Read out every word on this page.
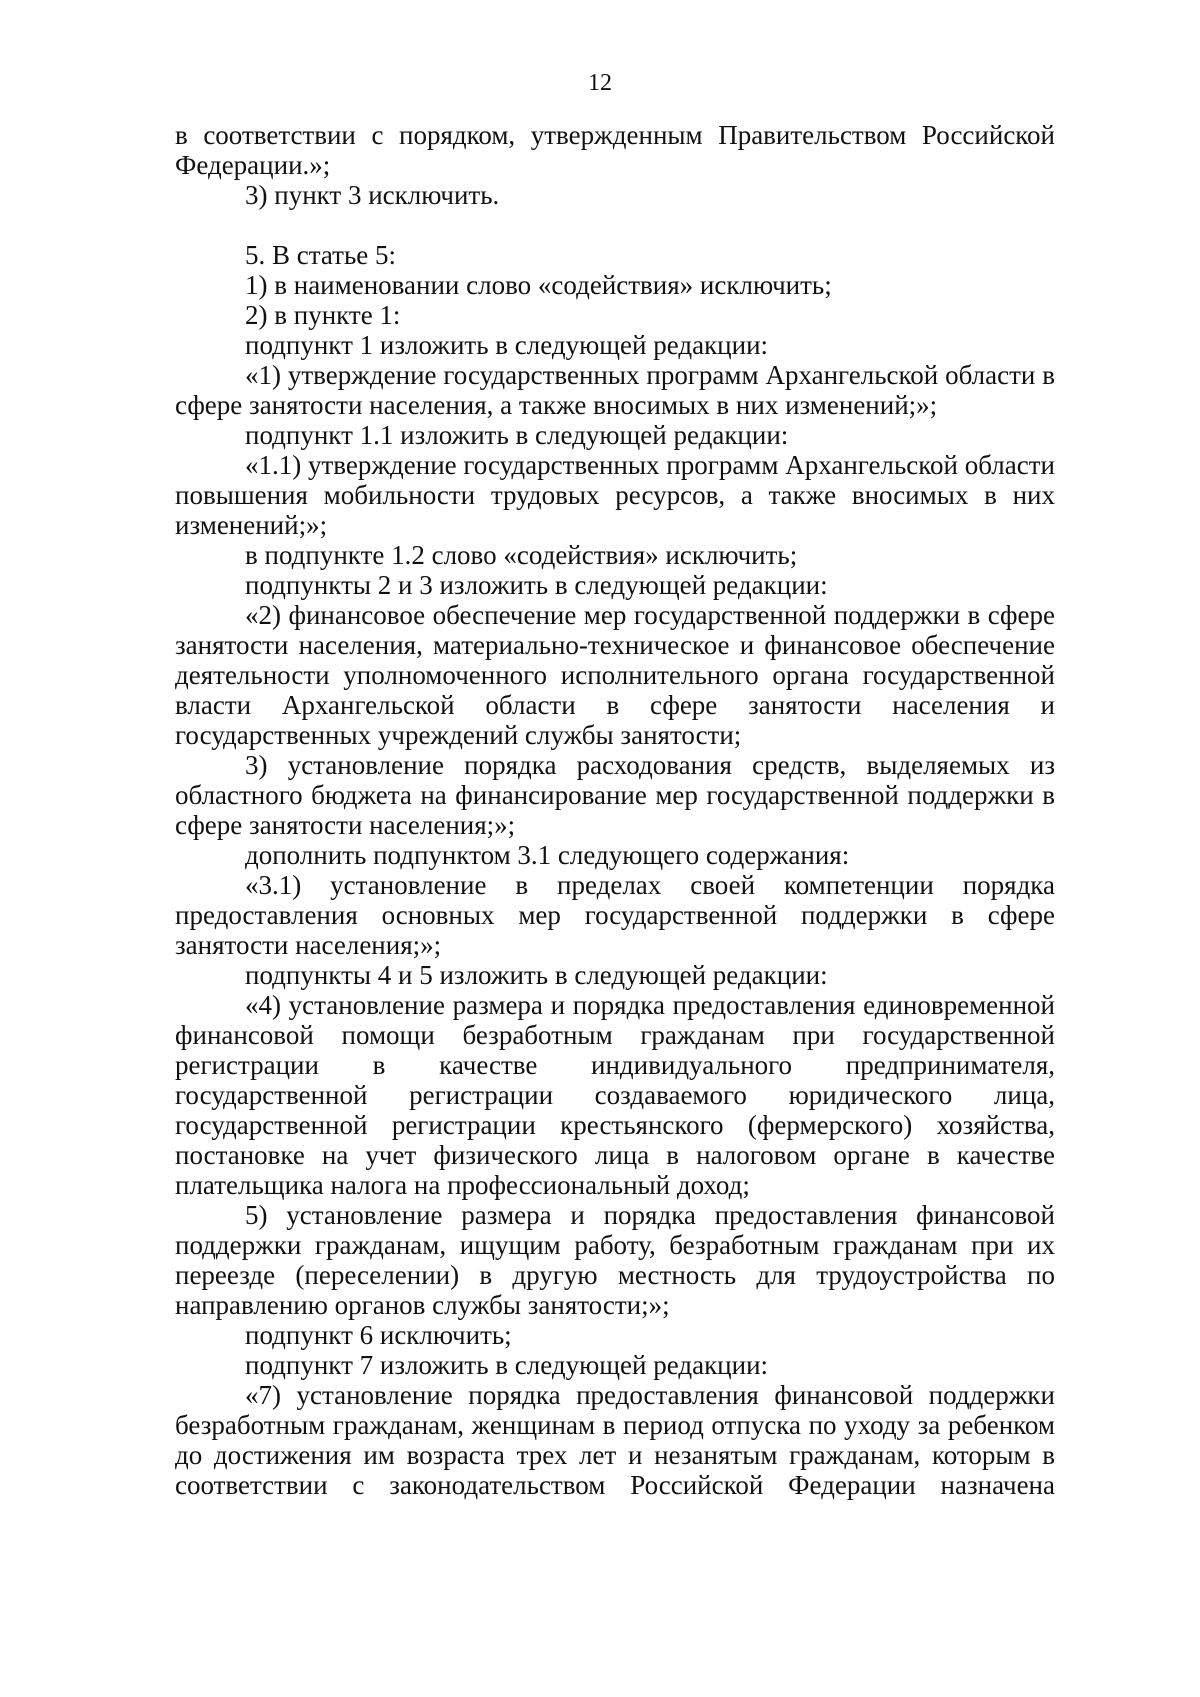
12

в соответствии с порядком, утвержденным Правительством Российской Федерации.»;

3) пункт 3 исключить.

5. В статье 5:

1) в наименовании слово «содействия» исключить;

2) в пункте 1:

подпункт 1 изложить в следующей редакции:

«1) утверждение государственных программ Архангельской области в сфере занятости населения, а также вносимых в них изменений;»;

подпункт 1.1 изложить в следующей редакции:

«1.1) утверждение государственных программ Архангельской области повышения мобильности трудовых ресурсов, а также вносимых в них изменений;»;

в подпункте 1.2 слово «содействия» исключить;

подпункты 2 и 3 изложить в следующей редакции:

«2) финансовое обеспечение мер государственной поддержки в сфере занятости населения, материально-техническое и финансовое обеспечение деятельности уполномоченного исполнительного органа государственной власти Архангельской области в сфере занятости населения и государственных учреждений службы занятости;

3) установление порядка расходования средств, выделяемых из областного бюджета на финансирование мер государственной поддержки в сфере занятости населения;»;

дополнить подпунктом 3.1 следующего содержания:

«3.1) установление в пределах своей компетенции порядка предоставления основных мер государственной поддержки в сфере занятости населения;»;

подпункты 4 и 5 изложить в следующей редакции:

«4) установление размера и порядка предоставления единовременной финансовой помощи безработным гражданам при государственной регистрации в качестве индивидуального предпринимателя, государственной регистрации создаваемого юридического лица, государственной регистрации крестьянского (фермерского) хозяйства, постановке на учет физического лица в налоговом органе в качестве плательщика налога на профессиональный доход;

5) установление размера и порядка предоставления финансовой поддержки гражданам, ищущим работу, безработным гражданам при их переезде (переселении) в другую местность для трудоустройства по направлению органов службы занятости;»;

подпункт 6 исключить;

подпункт 7 изложить в следующей редакции:

«7) установление порядка предоставления финансовой поддержки безработным гражданам, женщинам в период отпуска по уходу за ребенком до достижения им возраста трех лет и незанятым гражданам, которым в соответствии с законодательством Российской Федерации назначена
